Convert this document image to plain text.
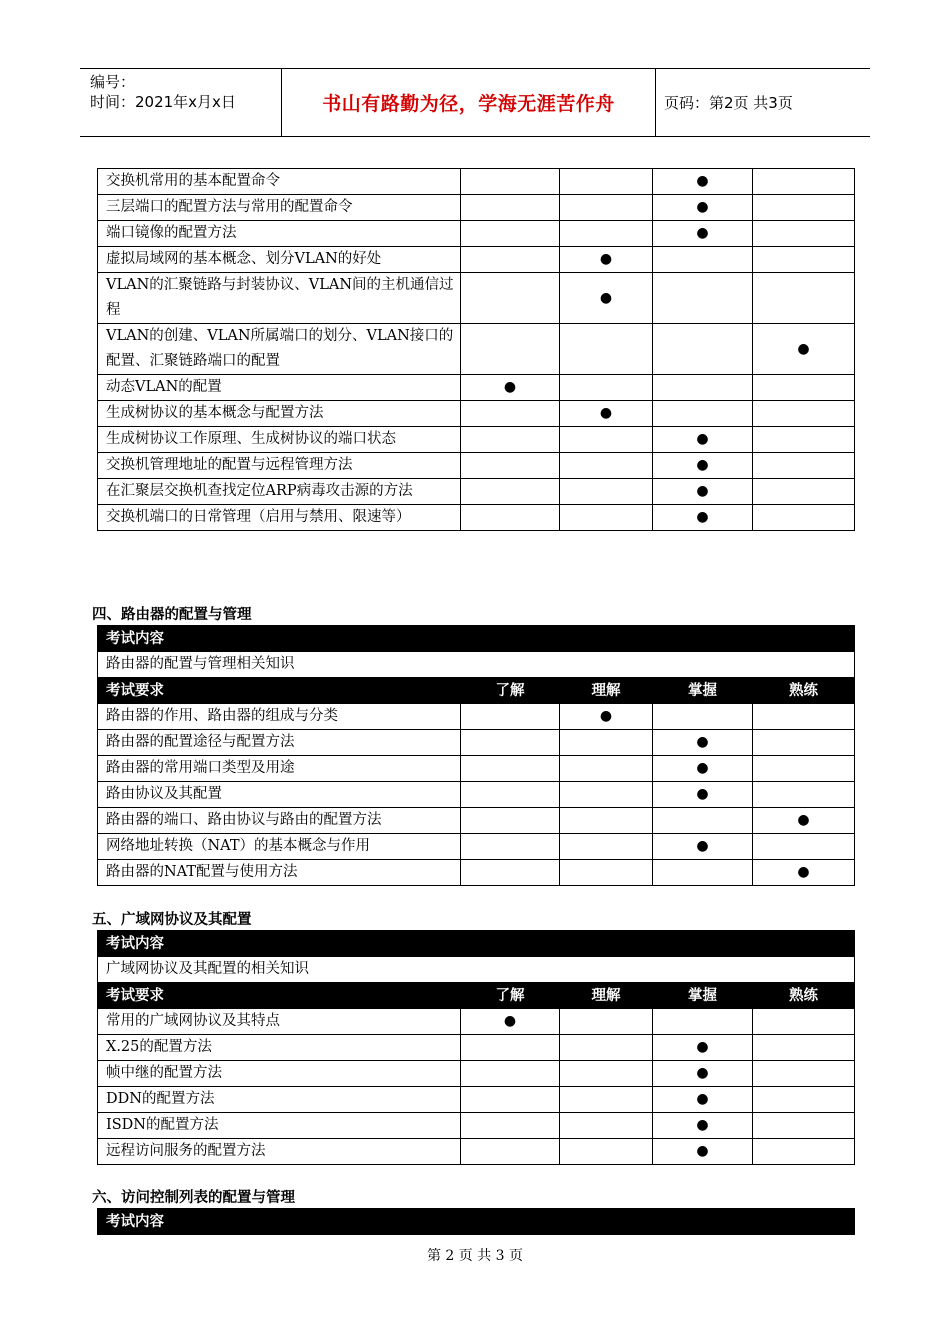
编号：
时间：2021年x月x日	书山有路勤为径，学海无涯苦作舟	页码：第2页 共3页
交换机常用的基本配置命令			●	
三层端口的配置方法与常用的配置命令			●	
端口镜像的配置方法			●	
虚拟局域网的基本概念、划分VLAN的好处		●		
VLAN的汇聚链路与封装协议、VLAN间的主机通信过程		●		
VLAN的创建、VLAN所属端口的划分、VLAN接口的配置、汇聚链路端口的配置				●
动态VLAN的配置	●			
生成树协议的基本概念与配置方法		●		
生成树协议工作原理、生成树协议的端口状态			●	
交换机管理地址的配置与远程管理方法			●	
在汇聚层交换机查找定位ARP病毒攻击源的方法			●	
交换机端口的日常管理（启用与禁用、限速等）			●	
四、路由器的配置与管理
考试内容				
路由器的配置与管理相关知识				
考试要求	了解	理解	掌握	熟练
路由器的作用、路由器的组成与分类		●		
路由器的配置途径与配置方法			●	
路由器的常用端口类型及用途			●	
路由协议及其配置			●	
路由器的端口、路由协议与路由的配置方法				●
网络地址转换（NAT）的基本概念与作用			●	
路由器的NAT配置与使用方法				●
五、广域网协议及其配置
考试内容				
广域网协议及其配置的相关知识				
考试要求	了解	理解	掌握	熟练
常用的广域网协议及其特点	●			
X.25的配置方法			●	
帧中继的配置方法			●	
DDN的配置方法			●	
ISDN的配置方法			●	
远程访问服务的配置方法			●	
六、访问控制列表的配置与管理
考试内容
第 2 页 共 3 页
